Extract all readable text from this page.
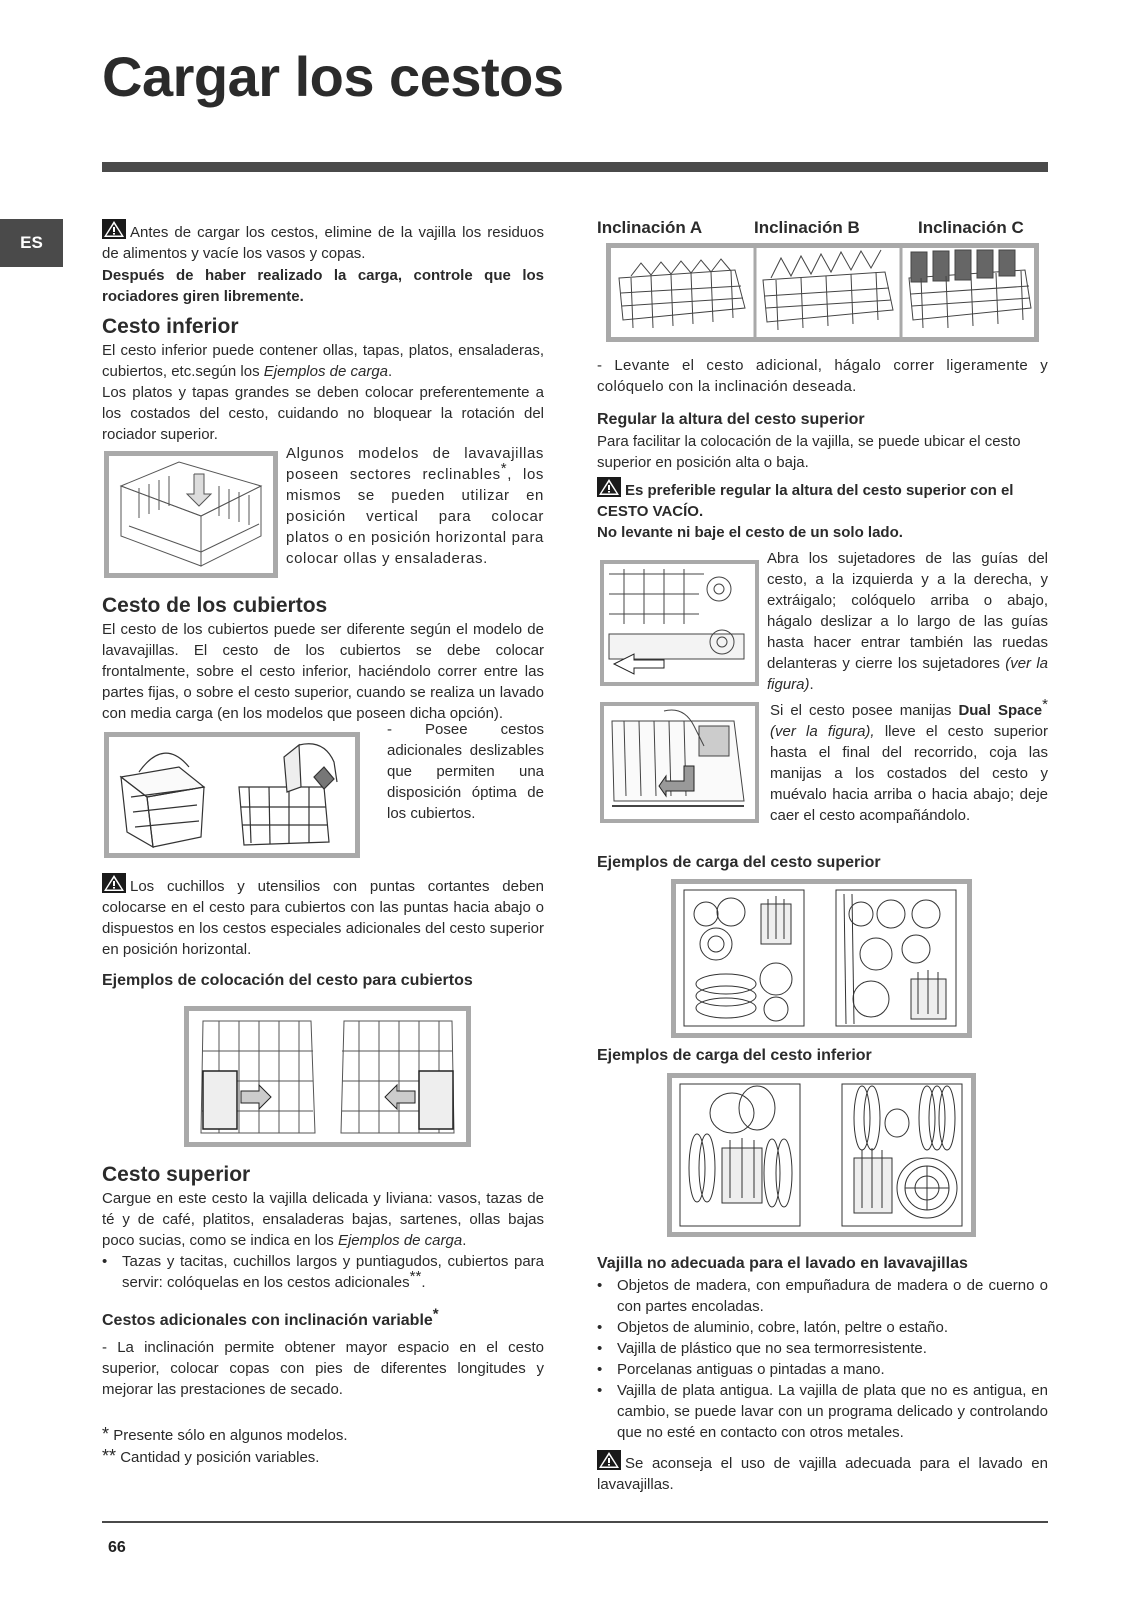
Cargar los cestos
ES

Antes de cargar los cestos, elimine de la vajilla los residuos de alimentos y vacíe los vasos y copas.

Después de haber realizado la carga, controle que los rociadores giren libremente.

Cesto inferior

El cesto inferior puede contener ollas, tapas, platos, ensaladeras, cubiertos, etc.según los Ejemplos de carga.

Los platos y tapas grandes se deben colocar preferentemente a los costados del cesto, cuidando no bloquear la rotación del rociador superior.

Algunos modelos de lavavajillas poseen sectores reclinables*, los mismos se pueden utilizar en posición vertical para colocar platos o en posición horizontal para colocar ollas y ensaladeras.

Cesto de los cubiertos
El cesto de los cubiertos puede ser diferente según el modelo de lavavajillas. El cesto de los cubiertos se debe colocar frontalmente, sobre el cesto inferior, haciéndolo correr entre las partes fijas, o sobre el cesto superior, cuando se realiza un lavado con media carga (en los modelos que poseen dicha opción).
- Posee cestos adicionales deslizables que permiten una disposición óptima de los cubiertos.

Los cuchillos y utensilios con puntas cortantes deben colocarse en el cesto para cubiertos con las puntas hacia abajo o dispuestos en los cestos especiales adicionales del cesto superior en posición horizontal.

Ejemplos de colocación del cesto para cubiertos
Cesto superior

Cargue en este cesto la vajilla delicada y liviana: vasos, tazas de té y de café, platitos, ensaladeras bajas, sartenes, ollas bajas poco sucias, como se indica en los Ejemplos de carga.

• Tazas y tacitas, cuchillos largos y puntiagudos, cubiertos para servir: colóquelas en los cestos adicionales**.
Cestos adicionales con inclinación variable*
- La inclinación permite obtener mayor espacio en el cesto superior, colocar copas con pies de diferentes longitudes y mejorar las prestaciones de secado.

* Presente sólo en algunos modelos.

** Cantidad y posición variables.

Inclinación A	Inclinación B	Inclinación C
- Levante el cesto adicional, hágalo correr ligeramente y colóquelo con la inclinación deseada.
Regular la altura del cesto superior
Para facilitar la colocación de la vajilla, se puede ubicar el cesto superior en posición alta o baja.

Es preferible regular la altura del cesto superior con el CESTO VACÍO.

No levante ni baje el cesto de un solo lado.

Abra los sujetadores de las guías del cesto, a la izquierda y a la derecha, y extráigalo; colóquelo arriba o abajo, hágalo deslizar a lo largo de las guías hasta hacer entrar también las ruedas delanteras y cierre los sujetadores (ver la figura).

Si el cesto posee manijas Dual Space* (ver la figura), lleve el cesto superior hasta el final del recorrido, coja las manijas a los costados del cesto y muévalo hacia arriba o hacia abajo; deje caer el cesto acompañándolo.

Ejemplos de carga del cesto superior
Ejemplos de carga del cesto inferior
Vajilla no adecuada para el lavado en lavavajillas
• Objetos de madera, con empuñadura de madera o de cuerno o con partes encoladas.
• Objetos de aluminio, cobre, latón, peltre o estaño.
• Vajilla de plástico que no sea termorresistente.
• Porcelanas antiguas o pintadas a mano.
• Vajilla de plata antigua. La vajilla de plata que no es antigua, en cambio, se puede lavar con un programa delicado y controlando que no esté en contacto con otros metales.

Se aconseja el uso de vajilla adecuada para el lavado en lavavajillas.

66
